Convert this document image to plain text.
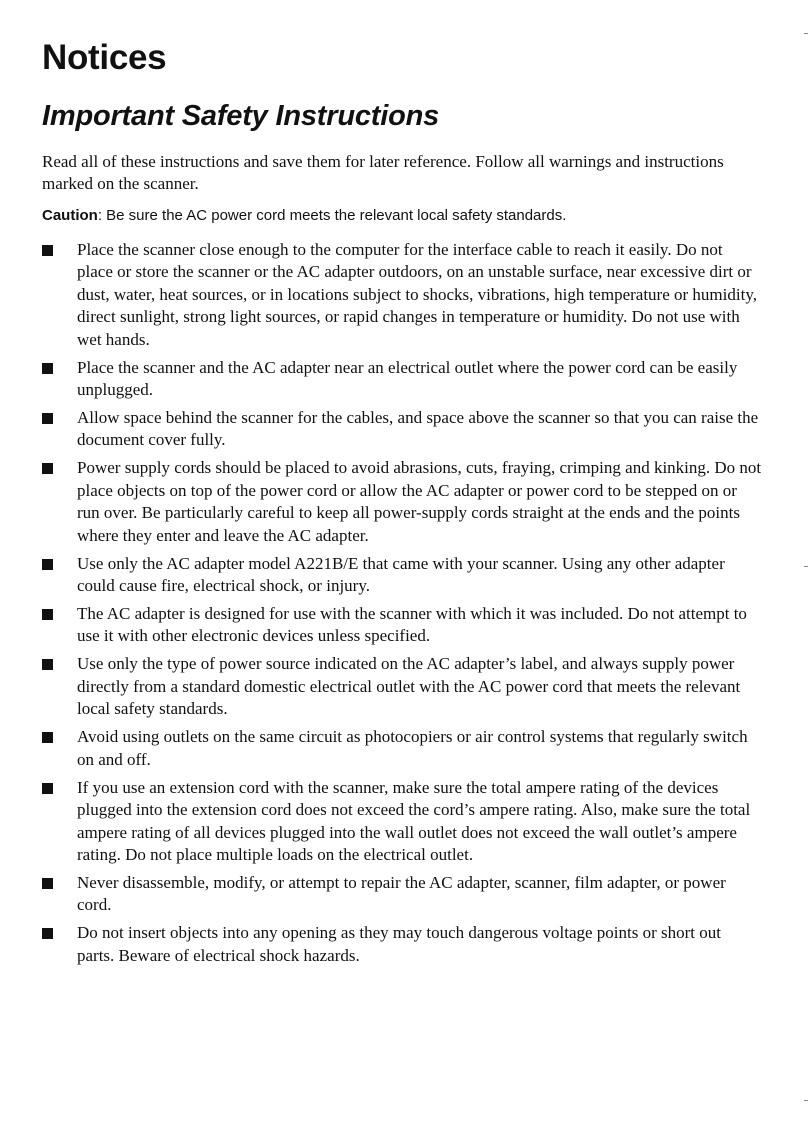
Notices
Important Safety Instructions

Read all of these instructions and save them for later reference. Follow all warnings and instructions marked on the scanner.

Caution: Be sure the AC power cord meets the relevant local safety standards.

Place the scanner close enough to the computer for the interface cable to reach it easily. Do not place or store the scanner or the AC adapter outdoors, on an unstable surface, near excessive dirt or dust, water, heat sources, or in locations subject to shocks, vibrations, high temperature or humidity, direct sunlight, strong light sources, or rapid changes in temperature or humidity. Do not use with wet hands.
Place the scanner and the AC adapter near an electrical outlet where the power cord can be easily unplugged.
Allow space behind the scanner for the cables, and space above the scanner so that you can raise the document cover fully.
Power supply cords should be placed to avoid abrasions, cuts, fraying, crimping and kinking. Do not place objects on top of the power cord or allow the AC adapter or power cord to be stepped on or run over. Be particularly careful to keep all power-supply cords straight at the ends and the points where they enter and leave the AC adapter.
Use only the AC adapter model A221B/E that came with your scanner. Using any other adapter could cause fire, electrical shock, or injury.
The AC adapter is designed for use with the scanner with which it was included. Do not attempt to use it with other electronic devices unless specified.
Use only the type of power source indicated on the AC adapter’s label, and always supply power directly from a standard domestic electrical outlet with the AC power cord that meets the relevant local safety standards.
Avoid using outlets on the same circuit as photocopiers or air control systems that regularly switch on and off.
If you use an extension cord with the scanner, make sure the total ampere rating of the devices plugged into the extension cord does not exceed the cord’s ampere rating. Also, make sure the total ampere rating of all devices plugged into the wall outlet does not exceed the wall outlet’s ampere rating. Do not place multiple loads on the electrical outlet.
Never disassemble, modify, or attempt to repair the AC adapter, scanner, film adapter, or power cord.
Do not insert objects into any opening as they may touch dangerous voltage points or short out parts. Beware of electrical shock hazards.
